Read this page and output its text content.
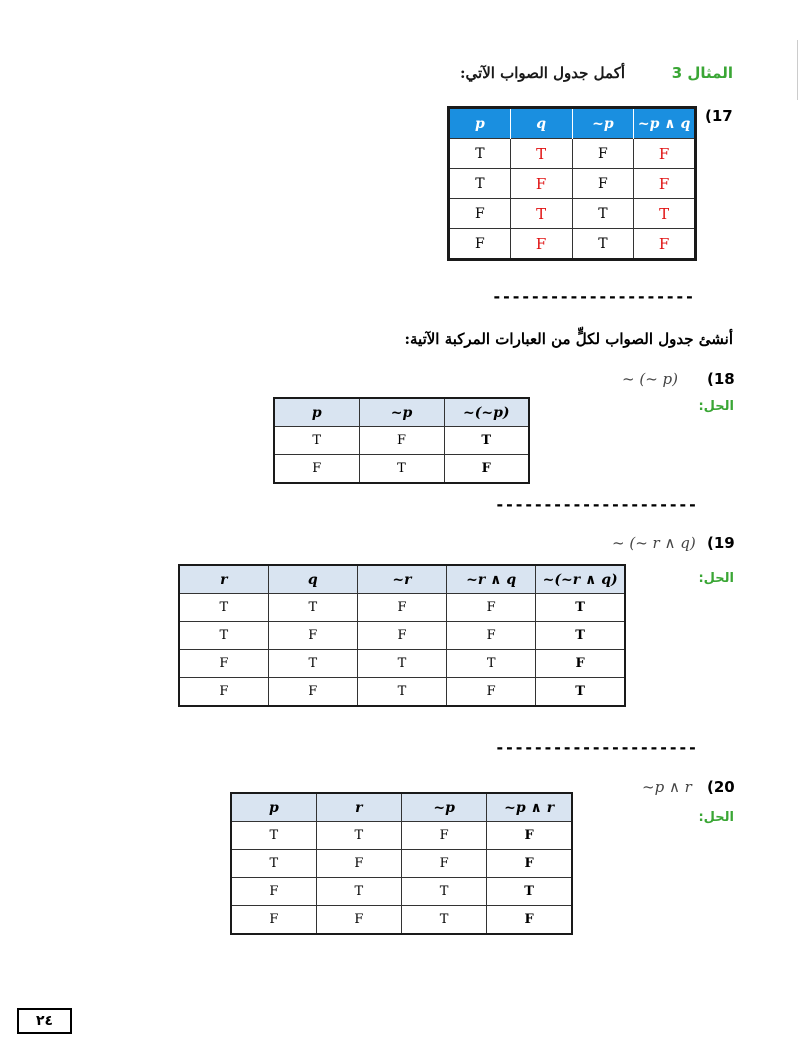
المثال 3
أكمل جدول الصواب الآتي:
(17
p	q	~p	~p ∧ q
T	T	F	F
T	F	F	F
F	T	T	T
F	F	T	F
---------------------
أنشئ جدول الصواب لكلٍّ من العبارات المركبة الآتية:
(18
~ (~ p)
الحل:
p	~p	~(~p)
T	F	T
F	T	F
---------------------
(19
~ (~ r ∧ q)
الحل:
r	q	~r	~r ∧ q	~(~r ∧ q)
T	T	F	F	T
T	F	F	F	T
F	T	T	T	F
F	F	T	F	T
---------------------
(20
~p ∧ r
الحل:
p	r	~p	~p ∧ r
T	T	F	F
T	F	F	F
F	T	T	T
F	F	T	F
٢٤
